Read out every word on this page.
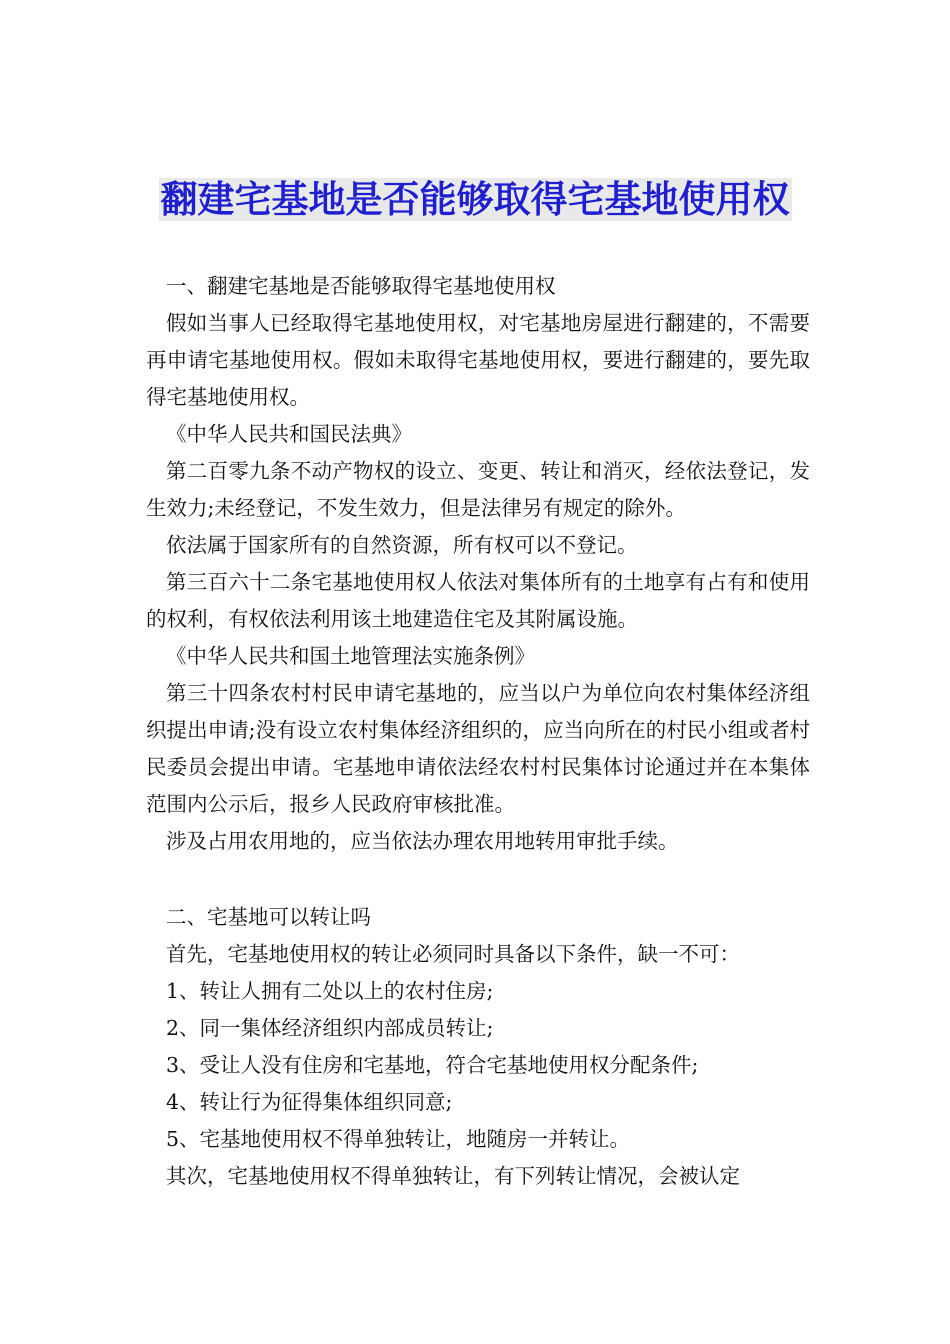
翻建宅基地是否能够取得宅基地使用权

一、翻建宅基地是否能够取得宅基地使用权

假如当事人已经取得宅基地使用权，对宅基地房屋进行翻建的，不需要再申请宅基地使用权。假如未取得宅基地使用权，要进行翻建的，要先取得宅基地使用权。

《中华人民共和国民法典》

第二百零九条不动产物权的设立、变更、转让和消灭，经依法登记，发生效力;未经登记，不发生效力，但是法律另有规定的除外。

依法属于国家所有的自然资源，所有权可以不登记。

第三百六十二条宅基地使用权人依法对集体所有的土地享有占有和使用的权利，有权依法利用该土地建造住宅及其附属设施。

《中华人民共和国土地管理法实施条例》

第三十四条农村村民申请宅基地的，应当以户为单位向农村集体经济组织提出申请;没有设立农村集体经济组织的，应当向所在的村民小组或者村民委员会提出申请。宅基地申请依法经农村村民集体讨论通过并在本集体范围内公示后，报乡人民政府审核批准。

涉及占用农用地的，应当依法办理农用地转用审批手续。

二、宅基地可以转让吗

首先，宅基地使用权的转让必须同时具备以下条件，缺一不可：

1、转让人拥有二处以上的农村住房;

2、同一集体经济组织内部成员转让;

3、受让人没有住房和宅基地，符合宅基地使用权分配条件;

4、转让行为征得集体组织同意;

5、宅基地使用权不得单独转让，地随房一并转让。

其次，宅基地使用权不得单独转让，有下列转让情况，会被认定
